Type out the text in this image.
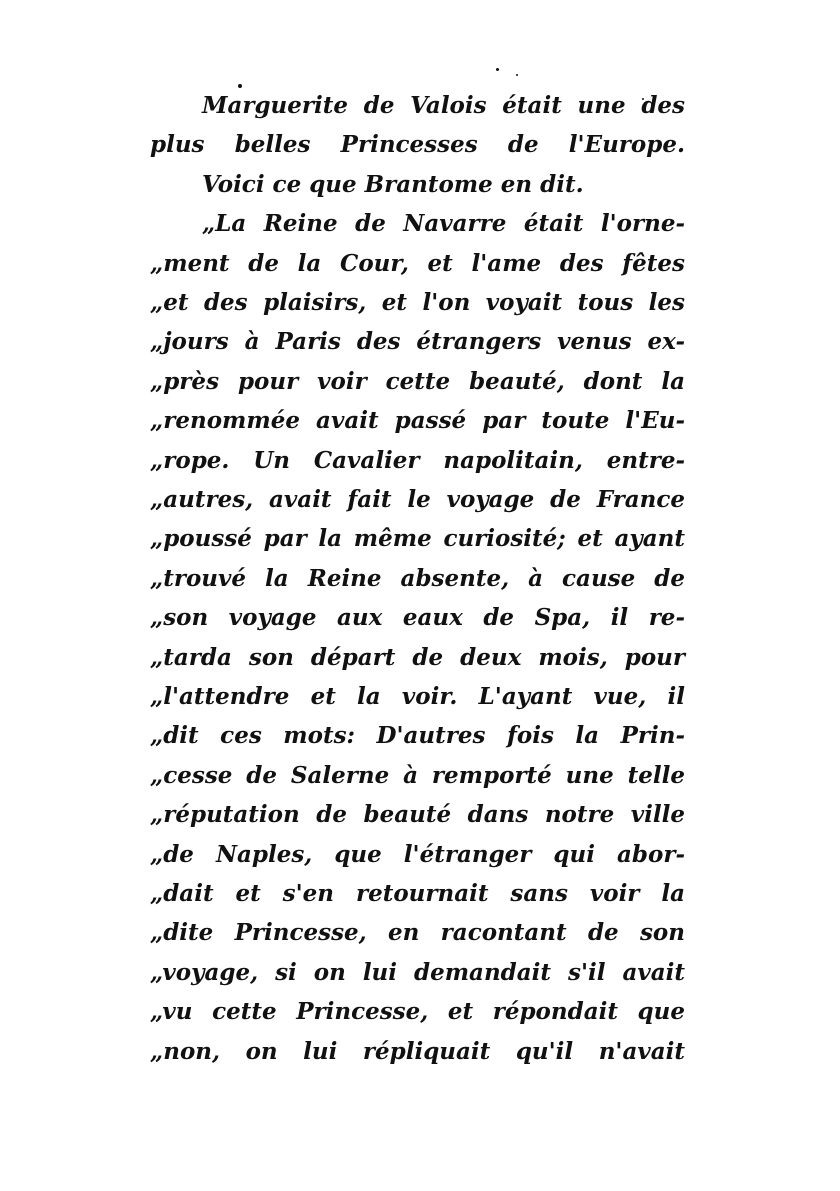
Marguerite de Valois était une des
plus belles Princesses de l'Europe.
Voici ce que Brantome en dit.
„La Reine de Navarre était l'orne-
„ment de la Cour, et l'ame des fêtes
„et des plaisirs, et l'on voyait tous les
„jours à Paris des étrangers venus ex-
„près pour voir cette beauté, dont la
„renommée avait passé par toute l'Eu-
„rope. Un Cavalier napolitain, entre-
„autres, avait fait le voyage de France
„poussé par la même curiosité; et ayant
„trouvé la Reine absente, à cause de
„son voyage aux eaux de Spa, il re-
„tarda son départ de deux mois, pour
„l'attendre et la voir. L'ayant vue, il
„dit ces mots: D'autres fois la Prin-
„cesse de Salerne à remporté une telle
„réputation de beauté dans notre ville
„de Naples, que l'étranger qui abor-
„dait et s'en retournait sans voir la
„dite Princesse, en racontant de son
„voyage, si on lui demandait s'il avait
„vu cette Princesse, et répondait que
„non, on lui répliquait qu'il n'avait
